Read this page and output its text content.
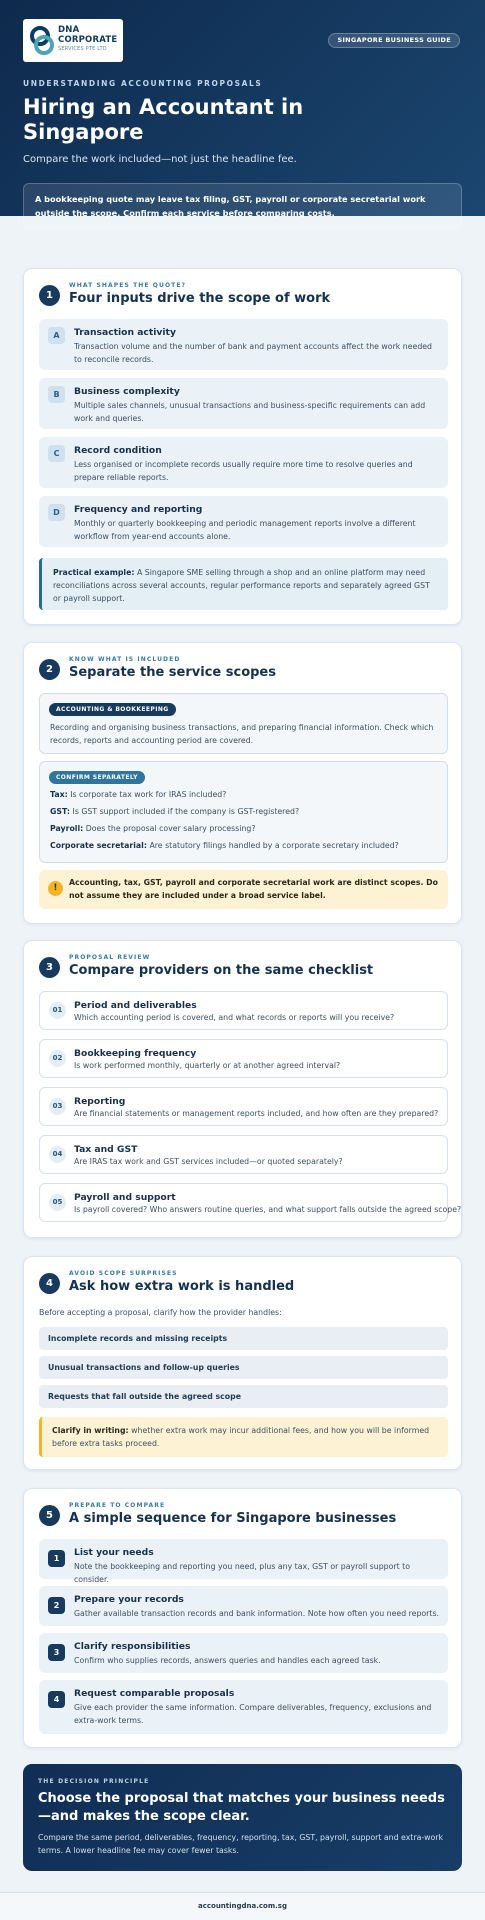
DNA
CORPORATE
SERVICES PTE LTD
SINGAPORE BUSINESS GUIDE
UNDERSTANDING ACCOUNTING PROPOSALS
Hiring an Accountant in Singapore
Compare the work included—not just the headline fee.
A bookkeeping quote may leave tax filing, GST, payroll or corporate secretarial work outside the scope. Confirm each service before comparing costs.
1
WHAT SHAPES THE QUOTE?
Four inputs drive the scope of work
A	Transaction activity
Transaction volume and the number of bank and payment accounts affect the work needed to reconcile records.
B	Business complexity
Multiple sales channels, unusual transactions and business-specific requirements can add work and queries.
C	Record condition
Less organised or incomplete records usually require more time to resolve queries and prepare reliable reports.
D	Frequency and reporting
Monthly or quarterly bookkeeping and periodic management reports involve a different workflow from year-end accounts alone.
Practical example: A Singapore SME selling through a shop and an online platform may need reconciliations across several accounts, regular performance reports and separately agreed GST or payroll support.
2
KNOW WHAT IS INCLUDED
Separate the service scopes
ACCOUNTING & BOOKKEEPING
Recording and organising business transactions, and preparing financial information. Check which records, reports and accounting period are covered.
CONFIRM SEPARATELY
Tax: Is corporate tax work for IRAS included?
GST: Is GST support included if the company is GST-registered?
Payroll: Does the proposal cover salary processing?
Corporate secretarial: Are statutory filings handled by a corporate secretary included?
!
Accounting, tax, GST, payroll and corporate secretarial work are distinct scopes. Do not assume they are included under a broad service label.
3
PROPOSAL REVIEW
Compare providers on the same checklist
01	Period and deliverables
Which accounting period is covered, and what records or reports will you receive?
02	Bookkeeping frequency
Is work performed monthly, quarterly or at another agreed interval?
03	Reporting
Are financial statements or management reports included, and how often are they prepared?
04	Tax and GST
Are IRAS tax work and GST services included—or quoted separately?
05	Payroll and support
Is payroll covered? Who answers routine queries, and what support falls outside the agreed scope?
4
AVOID SCOPE SURPRISES
Ask how extra work is handled
Before accepting a proposal, clarify how the provider handles:
Incomplete records and missing receipts
Unusual transactions and follow-up queries
Requests that fall outside the agreed scope
Clarify in writing: whether extra work may incur additional fees, and how you will be informed before extra tasks proceed.
5
PREPARE TO COMPARE
A simple sequence for Singapore businesses
1
List your needs
Note the bookkeeping and reporting you need, plus any tax, GST or payroll support to consider.
2
Prepare your records
Gather available transaction records and bank information. Note how often you need reports.
3
Clarify responsibilities
Confirm who supplies records, answers queries and handles each agreed task.
4
Request comparable proposals
Give each provider the same information. Compare deliverables, frequency, exclusions and extra-work terms.
THE DECISION PRINCIPLE
Choose the proposal that matches your business needs—and makes the scope clear.
Compare the same period, deliverables, frequency, reporting, tax, GST, payroll, support and extra-work terms. A lower headline fee may cover fewer tasks.
accountingdna.com.sg
